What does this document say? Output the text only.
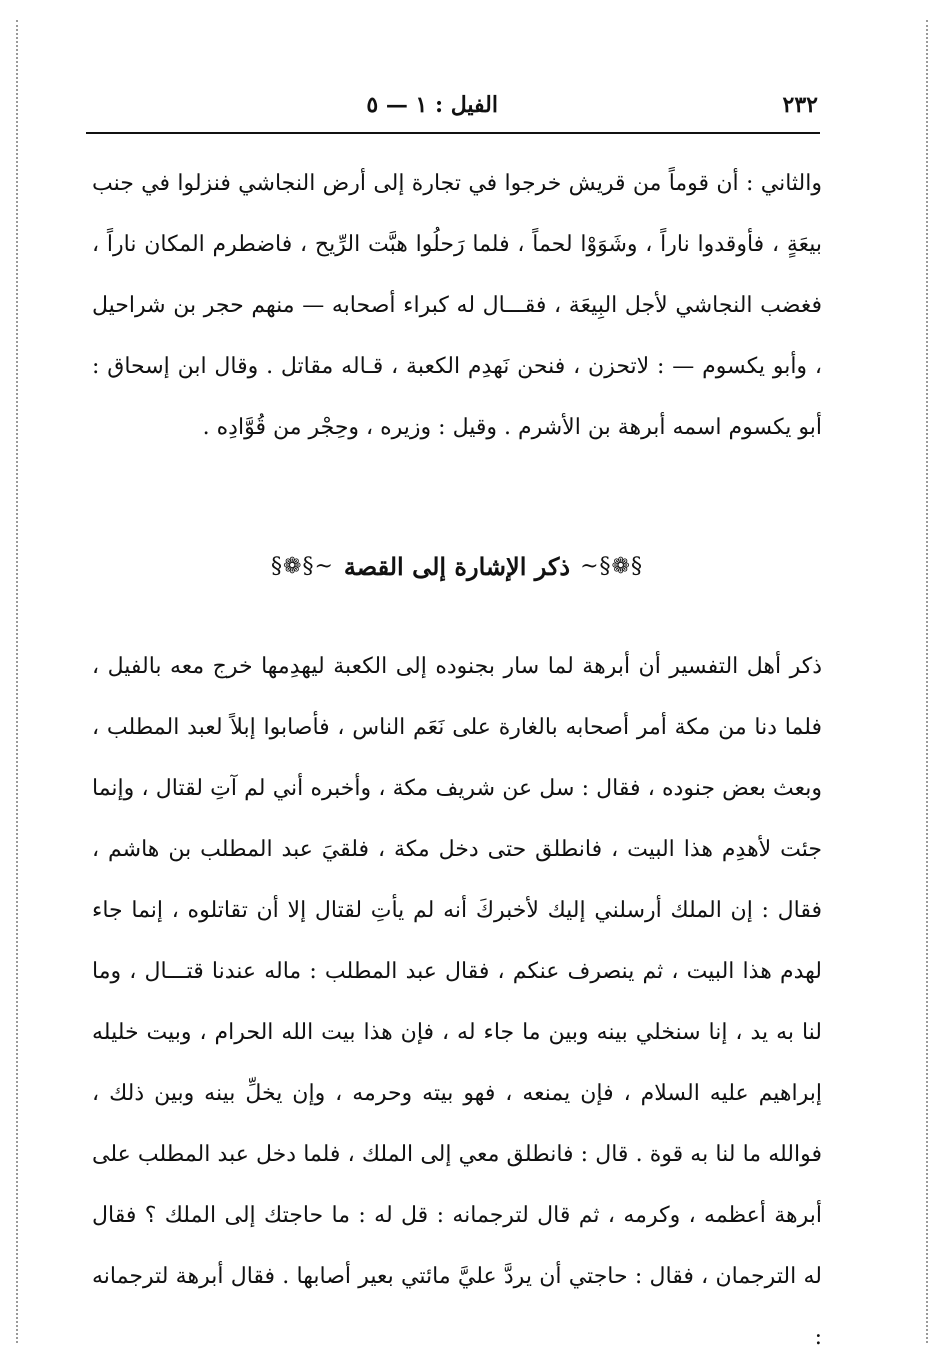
٢٣٢
الفيل : ١ — ٥

والثاني : أن قوماً من قريش خرجوا في تجارة إلى أرض النجاشي فنزلوا في جنب بيعَةٍ ، فأوقدوا ناراً ، وشَوَوْا لحماً ، فلما رَحلُوا هبَّت الرِّيح ، فاضطرم المكان ناراً ، فغضب النجاشي لأجل البِيعَة ، فقـــال له كبراء أصحابه — منهم حجر بن شراحيل ، وأبو يكسوم — : لاتحزن ، فنحن نَهدِم الكعبة ، قـاله مقاتل . وقال ابن إسحاق : أبو يكسوم اسمه أبرهة بن الأشرم . وقيل : وزيره ، وحِجْر من قُوَّادِه .

§❁§~
ذكر الإشارة إلى القصة
~§❁§

ذكر أهل التفسير أن أبرهة لما سار بجنوده إلى الكعبة ليهدِمها خرج معه بالفيل ، فلما دنا من مكة أمر أصحابه بالغارة على نَعَم الناس ، فأصابوا إبلاً لعبد المطلب ، وبعث بعض جنوده ، فقال : سل عن شريف مكة ، وأخبره أني لم آتِ لقتال ، وإنما جئت لأهدِم هذا البيت ، فانطلق حتى دخل مكة ، فلقيَ عبد المطلب بن هاشم ، فقال : إن الملك أرسلني إليك لأخبركَ أنه لم يأتِ لقتال إلا أن تقاتلوه ، إنما جاء لهدم هذا البيت ، ثم ينصرف عنكم ، فقال عبد المطلب : ماله عندنا قتـــال ، وما لنا به يد ، إنا سنخلي بينه وبين ما جاء له ، فإن هذا بيت الله الحرام ، وبيت خليله إبراهيم عليه السلام ، فإن يمنعه ، فهو بيته وحرمه ، وإن يخلِّ بينه وبين ذلك ، فوالله ما لنا به قوة . قال : فانطلق معي إلى الملك ، فلما دخل عبد المطلب على أبرهة أعظمه ، وكرمه ، ثم قال لترجمانه : قل له : ما حاجتك إلى الملك ؟ فقال له الترجمان ، فقال : حاجتي أن يردَّ عليَّ مائتي بعير أصابها . فقال أبرهة لترجمانه :
